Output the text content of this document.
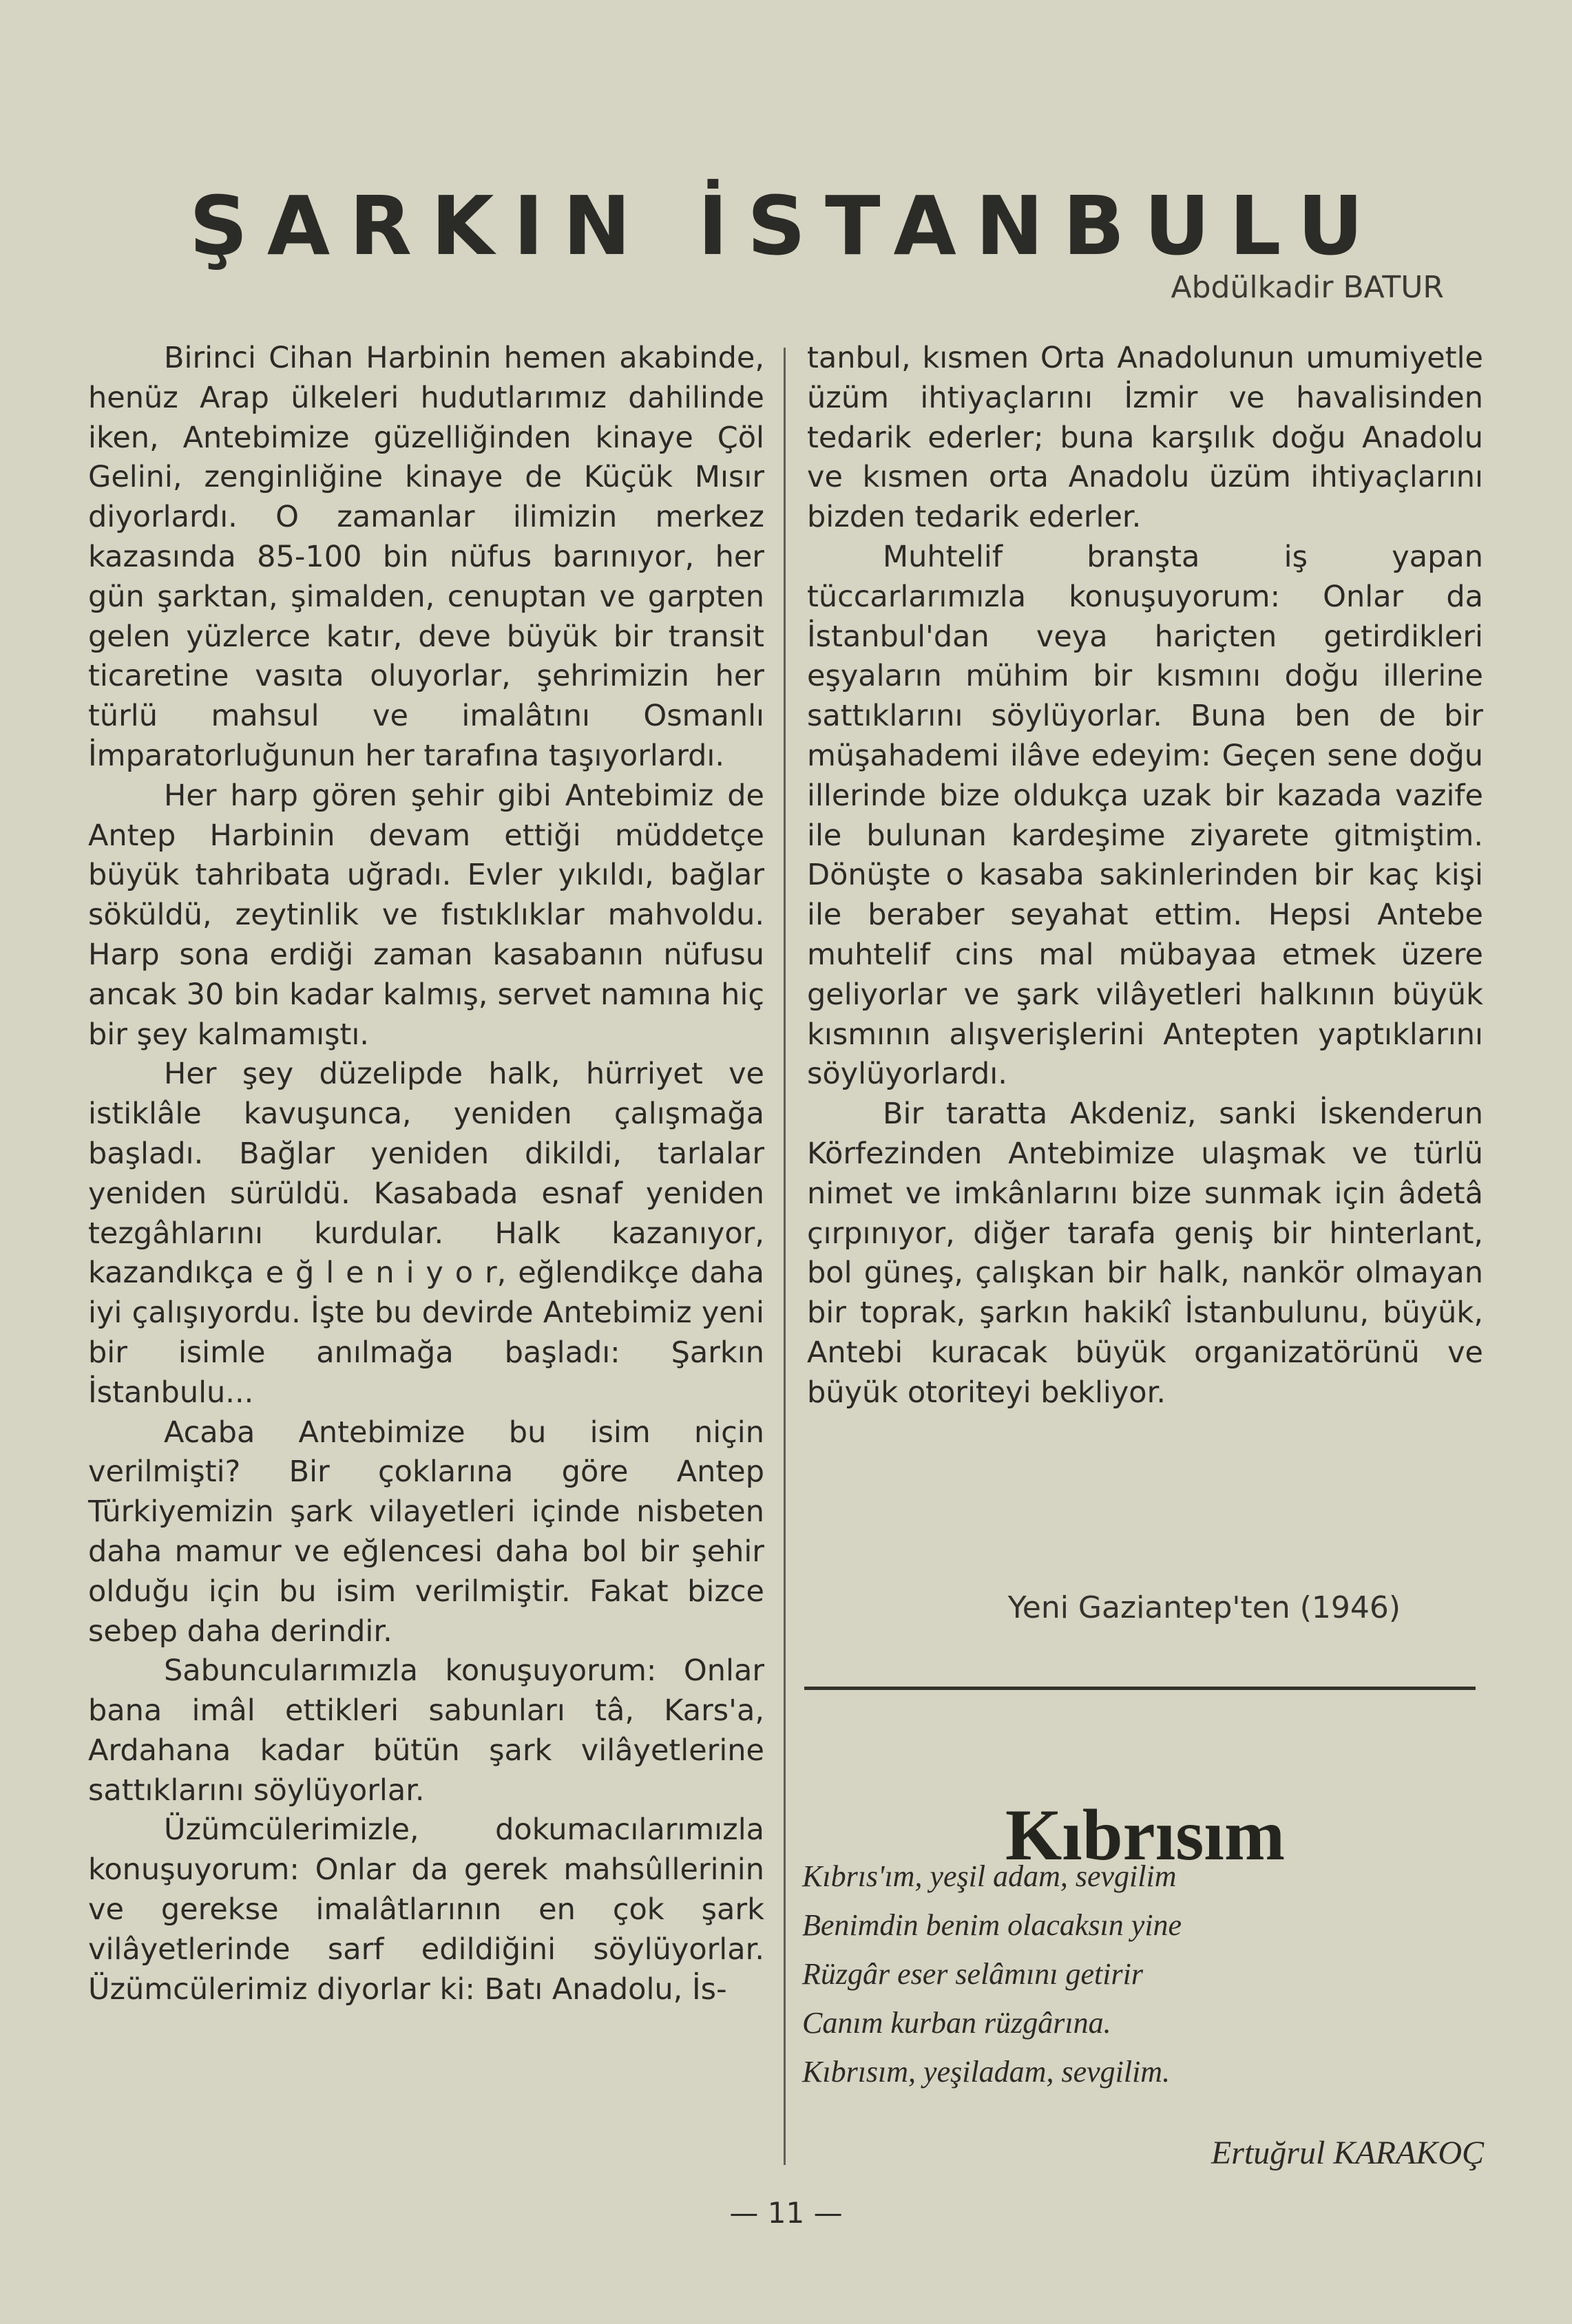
ŞARKIN İSTANBULU
Abdülkadir BATUR

Birinci Cihan Harbinin hemen akabinde, henüz Arap ülkeleri hudutlarımız dahilinde iken, Antebimize güzelliğinden kinaye Çöl Gelini, zenginliğine kinaye de Küçük Mısır diyorlardı. O zamanlar ilimizin merkez kazasında 85-100 bin nüfus barınıyor, her gün şarktan, şimalden, cenuptan ve garpten gelen yüzlerce katır, deve büyük bir transit ticaretine vasıta oluyorlar, şehrimizin her türlü mahsul ve imalâtını Osmanlı İmparatorluğunun her tarafına taşıyorlardı.

Her harp gören şehir gibi Antebimiz de Antep Harbinin devam ettiği müddetçe büyük tahribata uğradı. Evler yıkıldı, bağlar söküldü, zeytinlik ve fıstıklıklar mahvoldu. Harp sona erdiği zaman kasabanın nüfusu ancak 30 bin kadar kalmış, servet namına hiç bir şey kalmamıştı.

Her şey düzelipde halk, hürriyet ve istiklâle kavuşunca, yeniden çalışmağa başladı. Bağlar yeniden dikildi, tarlalar yeniden sürüldü. Kasabada esnaf yeniden tezgâhlarını kurdular. Halk kazanıyor, kazandıkça e ğ l e n i y o r, eğlendikçe daha iyi çalışıyordu. İşte bu devirde Antebimiz yeni bir isimle anılmağa başladı: Şarkın İstanbulu...

Acaba Antebimize bu isim niçin verilmişti? Bir çoklarına göre Antep Türkiyemizin şark vilayetleri içinde nisbeten daha mamur ve eğlencesi daha bol bir şehir olduğu için bu isim verilmiştir. Fakat bizce sebep daha derindir.

Sabuncularımızla konuşuyorum: Onlar bana imâl ettikleri sabunları tâ, Kars'a, Ardahana kadar bütün şark vilâyetlerine sattıklarını söylüyorlar.

Üzümcülerimizle, dokumacılarımızla konuşuyorum: Onlar da gerek mahsûllerinin ve gerekse imalâtlarının en çok şark vilâyetlerinde sarf edildiğini söylüyorlar. Üzümcülerimiz diyorlar ki: Batı Anadolu, İs-

tanbul, kısmen Orta Anadolunun umumiyetle üzüm ihtiyaçlarını İzmir ve havalisinden tedarik ederler; buna karşılık doğu Anadolu ve kısmen orta Anadolu üzüm ihtiyaçlarını bizden tedarik ederler.

Muhtelif branşta iş yapan tüccarlarımızla konuşuyorum: Onlar da İstanbul'dan veya hariçten getirdikleri eşyaların mühim bir kısmını doğu illerine sattıklarını söylüyorlar. Buna ben de bir müşahademi ilâve edeyim: Geçen sene doğu illerinde bize oldukça uzak bir kazada vazife ile bulunan kardeşime ziyarete gitmiştim. Dönüşte o kasaba sakinlerinden bir kaç kişi ile beraber seyahat ettim. Hepsi Antebe muhtelif cins mal mübayaa etmek üzere geliyorlar ve şark vilâyetleri halkının büyük kısmının alışverişlerini Antepten yaptıklarını söylüyorlardı.

Bir taratta Akdeniz, sanki İskenderun Körfezinden Antebimize ulaşmak ve türlü nimet ve imkânlarını bize sunmak için âdetâ çırpınıyor, diğer tarafa geniş bir hinterlant, bol güneş, çalışkan bir halk, nankör olmayan bir toprak, şarkın hakikî İstanbulunu, büyük, Antebi kuracak büyük organizatörünü ve büyük otoriteyi bekliyor.

Yeni Gaziantep'ten (1946)
Kıbrısım
Kıbrıs'ım, yeşil adam, sevgilim
Benimdin benim olacaksın yine
Rüzgâr eser selâmını getirir
Canım kurban rüzgârına.
Kıbrısım, yeşiladam, sevgilim.
Ertuğrul KARAKOÇ
— 11 —
